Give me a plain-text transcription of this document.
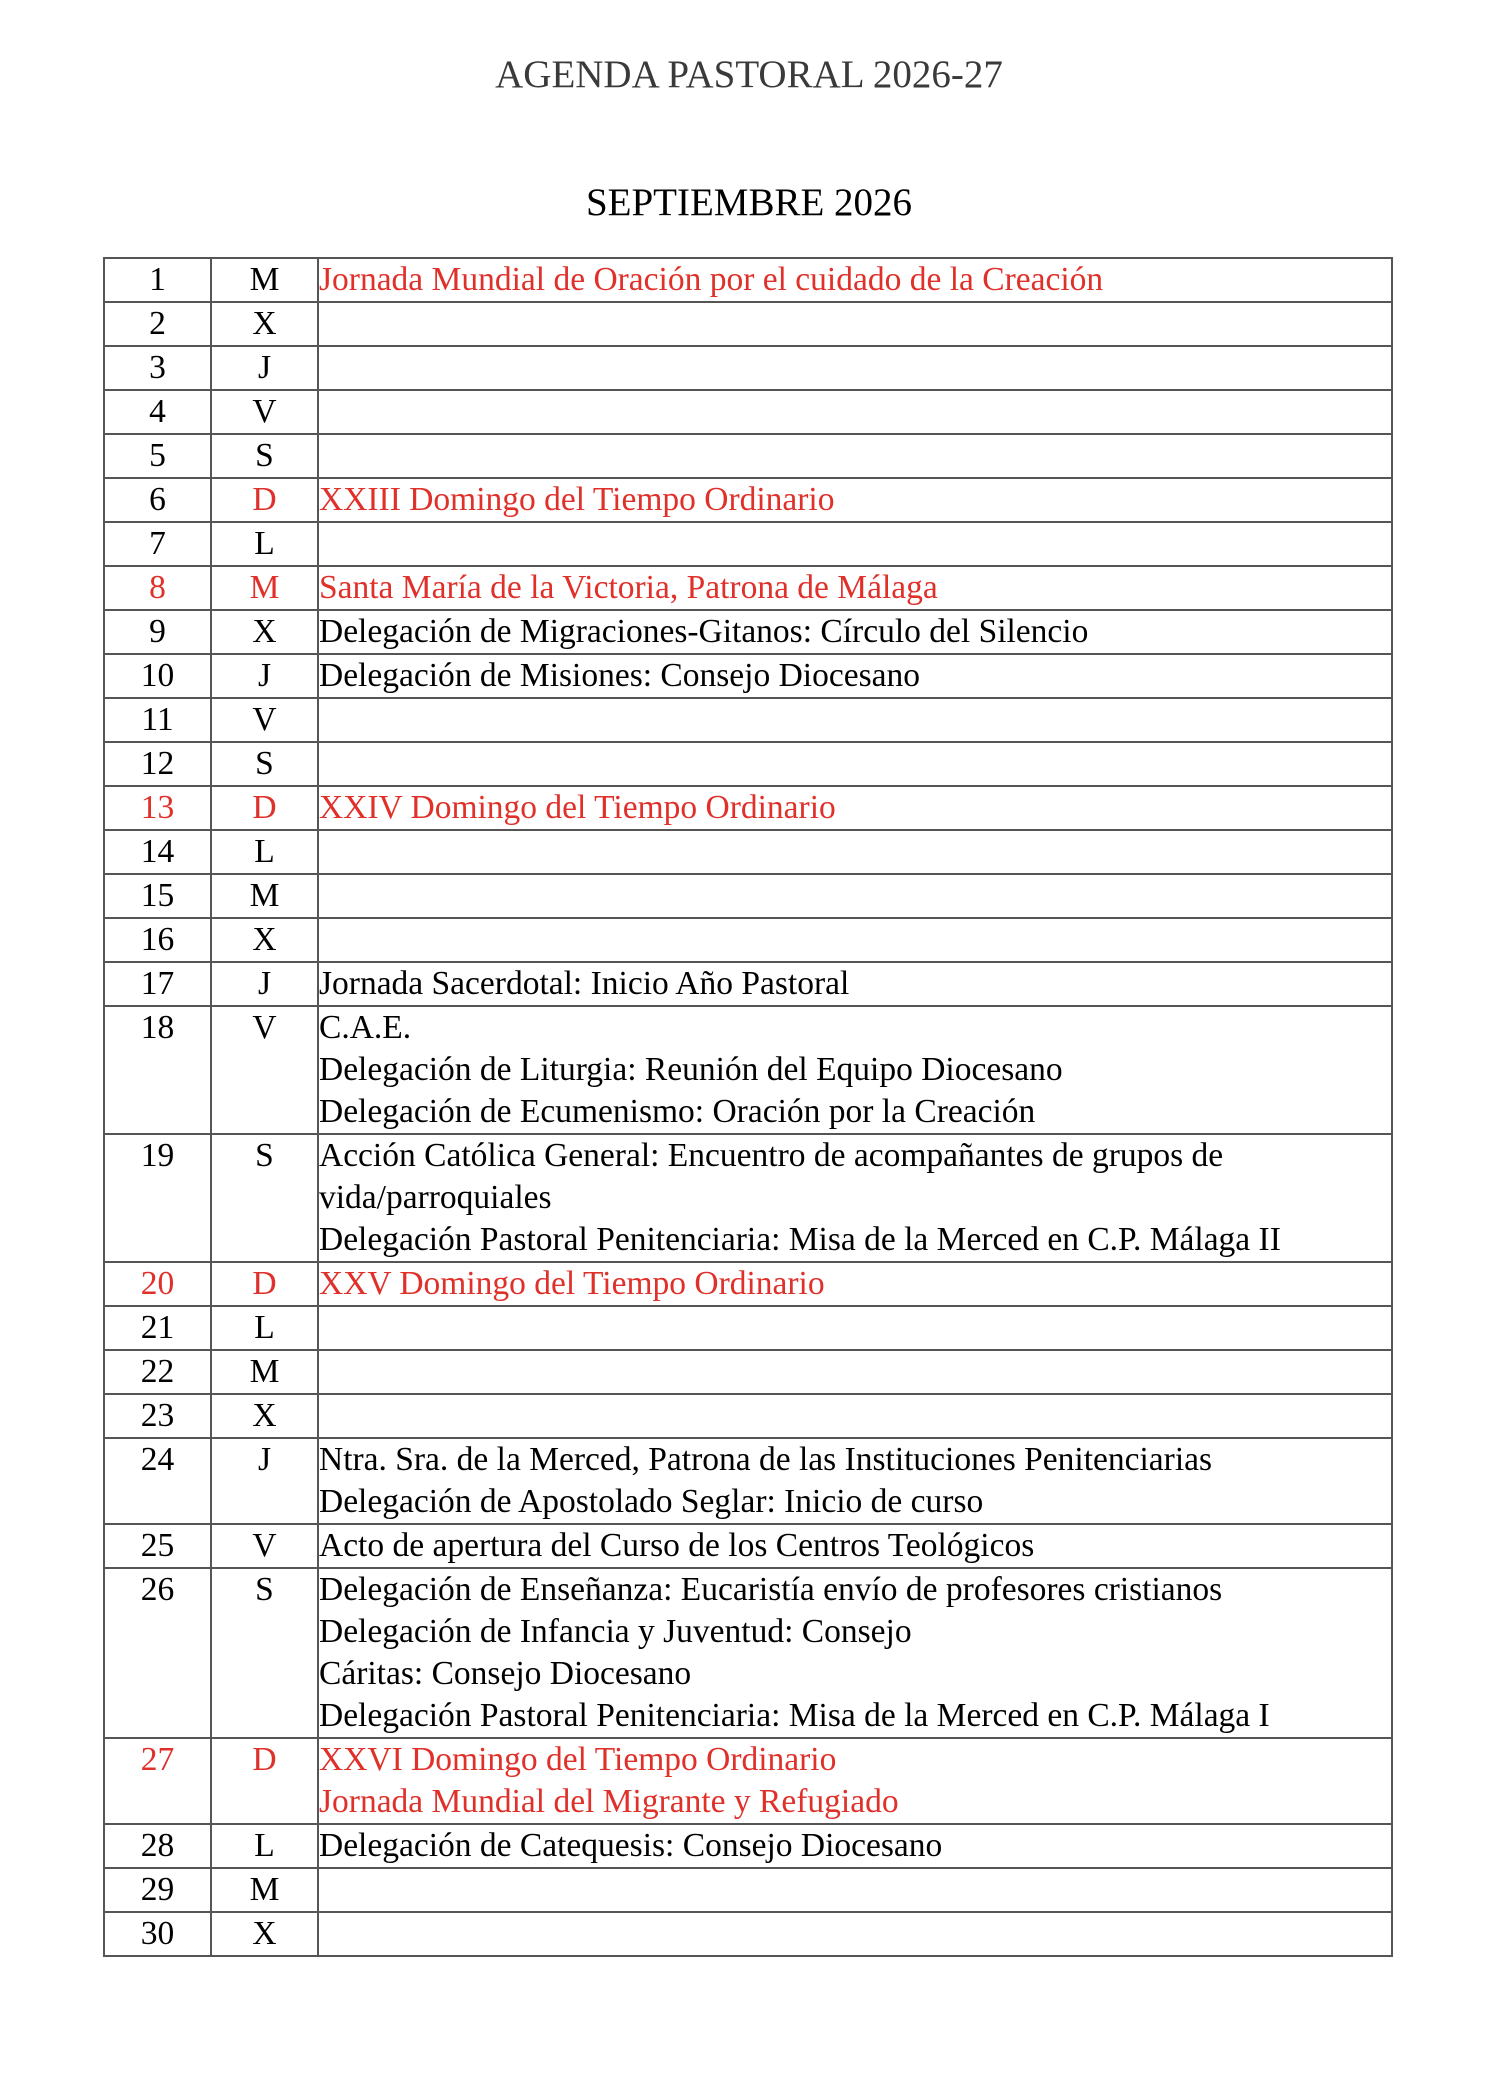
AGENDA PASTORAL 2026-27
SEPTIEMBRE 2026
1	M	Jornada Mundial de Oración por el cuidado de la Creación

2	X	
3	J	
4	V	
5	S	
6	D	XXIII Domingo del Tiempo Ordinario

7	L	
8	M	Santa María de la Victoria, Patrona de Málaga

9	X	Delegación de Migraciones-Gitanos: Círculo del Silencio

10	J	Delegación de Misiones: Consejo Diocesano

11	V	
12	S	
13	D	XXIV Domingo del Tiempo Ordinario

14	L	
15	M	
16	X	
17	J	Jornada Sacerdotal: Inicio Año Pastoral

18	V	C.A.E.
Delegación de Liturgia: Reunión del Equipo Diocesano
Delegación de Ecumenismo: Oración por la Creación

19	S	Acción Católica General: Encuentro de acompañantes de grupos de vida/parroquiales
Delegación Pastoral Penitenciaria: Misa de la Merced en C.P. Málaga II

20	D	XXV Domingo del Tiempo Ordinario

21	L	
22	M	
23	X	
24	J	Ntra. Sra. de la Merced, Patrona de las Instituciones Penitenciarias
Delegación de Apostolado Seglar: Inicio de curso

25	V	Acto de apertura del Curso de los Centros Teológicos

26	S	Delegación de Enseñanza: Eucaristía envío de profesores cristianos
Delegación de Infancia y Juventud: Consejo
Cáritas: Consejo Diocesano
Delegación Pastoral Penitenciaria: Misa de la Merced en C.P. Málaga I

27	D	XXVI Domingo del Tiempo Ordinario
Jornada Mundial del Migrante y Refugiado

28	L	Delegación de Catequesis: Consejo Diocesano

29	M	
30	X	
